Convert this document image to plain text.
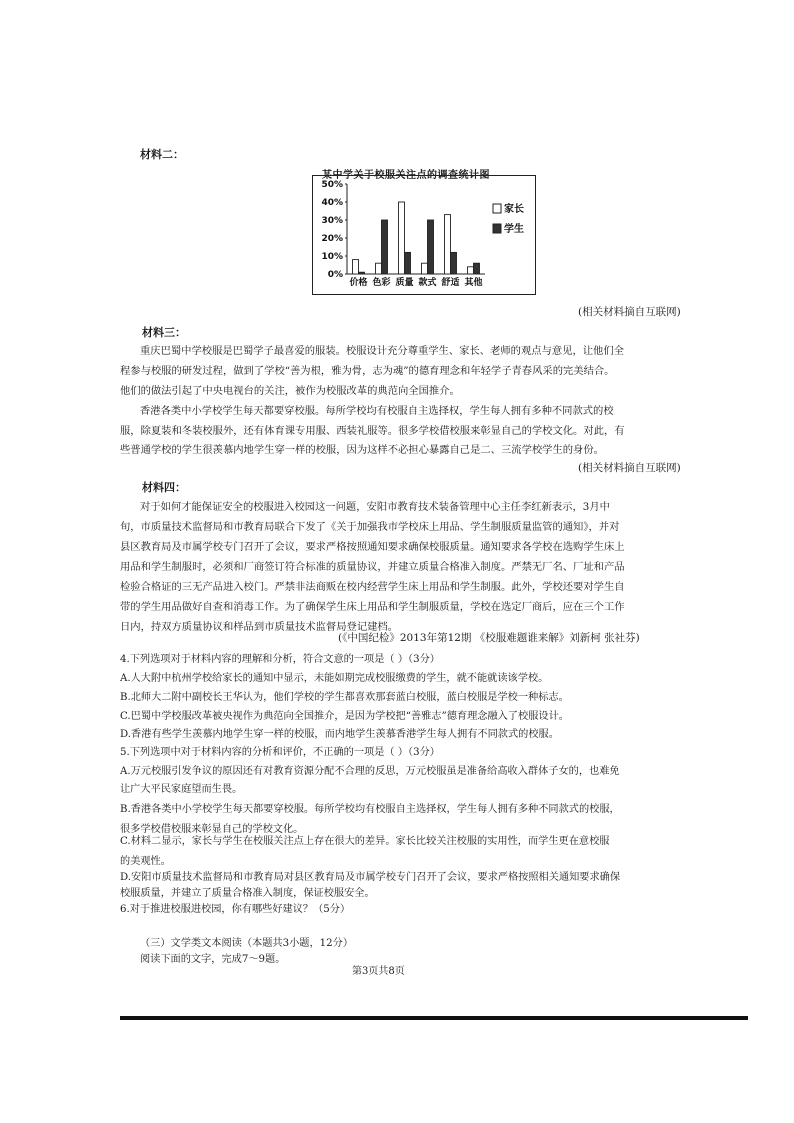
材料二：
某中学关于校服关注点的调查统计图
0%
10%
20%
30%
40%
50%
价格 色彩 质量 款式 舒适 其他
家长
学生
(相关材料摘自互联网)
材料三：
重庆巴蜀中学校服是巴蜀学子最喜爱的服装。校服设计充分尊重学生、家长、老师的观点与意见，让他们全
程参与校服的研发过程，做到了学校“善为根，雅为骨，志为魂”的德育理念和年轻学子青春风采的完美结合。
他们的做法引起了中央电视台的关注，被作为校服改革的典范向全国推介。
香港各类中小学校学生每天都要穿校服。每所学校均有校服自主选择权，学生每人拥有多种不同款式的校
服，除夏装和冬装校服外，还有体育课专用服、西装礼服等。很多学校借校服来彰显自己的学校文化。对此，有
些普通学校的学生很羡慕内地学生穿一样的校服，因为这样不必担心暴露自己是二、三流学校学生的身份。
(相关材料摘自互联网)
材料四：
对于如何才能保证安全的校服进入校园这一问题，安阳市教育技术装备管理中心主任李红新表示，3月中
旬，市质量技术监督局和市教育局联合下发了《关于加强我市学校床上用品、学生制服质量监管的通知》，并对
县区教育局及市属学校专门召开了会议，要求严格按照通知要求确保校服质量。通知要求各学校在选购学生床上
用品和学生制服时，必须和厂商签订符合标准的质量协议，并建立质量合格准入制度。严禁无厂名、厂址和产品
检验合格证的三无产品进入校门。严禁非法商贩在校内经营学生床上用品和学生制服。此外，学校还要对学生自
带的学生用品做好自查和消毒工作。为了确保学生床上用品和学生制服质量，学校在选定厂商后，应在三个工作
日内，持双方质量协议和样品到市质量技术监督局登记建档。
(《中国纪检》2013年第12期 《校服难题谁来解》刘新柯 张社芬)
4.下列选项对于材料内容的理解和分析，符合文意的一项是（ ）（3分）
A.人大附中杭州学校给家长的通知中显示，未能如期完成校服缴费的学生，就不能就读该学校。
B.北师大二附中副校长王华认为，他们学校的学生都喜欢那套蓝白校服，蓝白校服是学校一种标志。
C.巴蜀中学校服改革被央视作为典范向全国推介，是因为学校把“善雅志”德育理念融入了校服设计。
D.香港有些学生羡慕内地学生穿一样的校服，而内地学生羡慕香港学生每人拥有不同款式的校服。
5.下列选项中对于材料内容的分析和评价，不正确的一项是（ ）（3分）
A.万元校服引发争议的原因还有对教育资源分配不合理的反思，万元校服虽是准备给高收入群体子女的，也难免
让广大平民家庭望而生畏。
B.香港各类中小学校学生每天都要穿校服。每所学校均有校服自主选择权，学生每人拥有多种不同款式的校服，
很多学校借校服来彰显自己的学校文化。
C.材料二显示，家长与学生在校服关注点上存在很大的差异。家长比较关注校服的实用性，而学生更在意校服
的美观性。
D.安阳市质量技术监督局和市教育局对县区教育局及市属学校专门召开了会议，要求严格按照相关通知要求确保
校服质量，并建立了质量合格准入制度，保证校服安全。
6.对于推进校服进校园，你有哪些好建议？（5分）
（三）文学类文本阅读（本题共3小题，12分）
阅读下面的文字，完成7～9题。
第3页共8页
